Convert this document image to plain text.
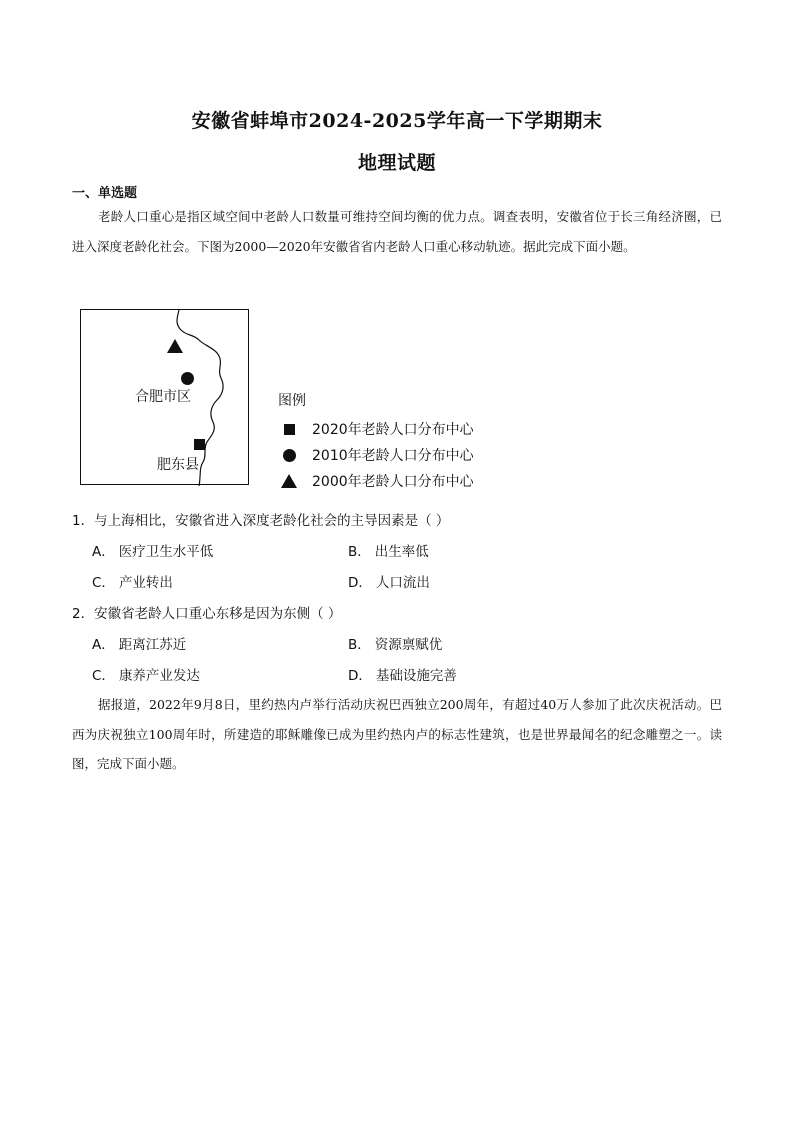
安徽省蚌埠市2024-2025学年高一下学期期末
地理试题
一、单选题
老龄人口重心是指区域空间中老龄人口数量可维持空间均衡的优力点。调查表明，安徽省位于长三角经济圈，已进入深度老龄化社会。下图为2000—2020年安徽省省内老龄人口重心移动轨迹。据此完成下面小题。
合肥市区
肥东县
图例
2020年老龄人口分布中心
2010年老龄人口分布中心
2000年老龄人口分布中心
1．与上海相比，安徽省进入深度老龄化社会的主导因素是（ ）
A． 医疗卫生水平低	B． 出生率低
C． 产业转出	D． 人口流出
2．安徽省老龄人口重心东移是因为东侧（ ）
A． 距离江苏近	B． 资源禀赋优
C． 康养产业发达	D． 基础设施完善
据报道，2022年9月8日，里约热内卢举行活动庆祝巴西独立200周年，有超过40万人参加了此次庆祝活动。巴西为庆祝独立100周年时，所建造的耶稣雕像已成为里约热内卢的标志性建筑，也是世界最闻名的纪念雕塑之一。读图，完成下面小题。
